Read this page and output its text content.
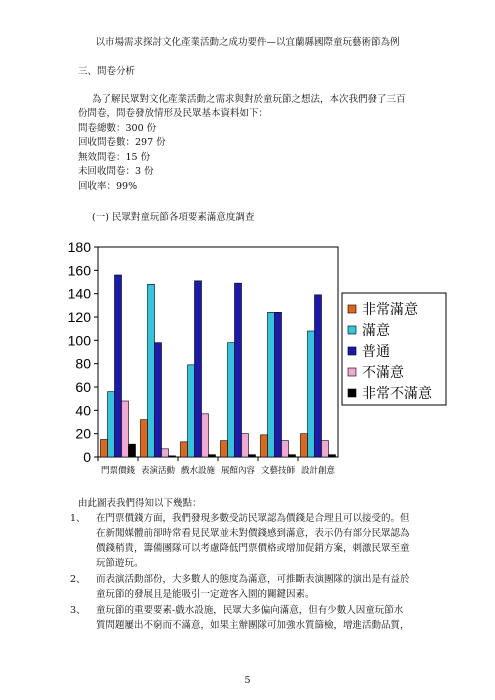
以市場需求探討文化產業活動之成功要件—以宜蘭縣國際童玩藝術節為例
三、問卷分析
為了解民眾對文化產業活動之需求與對於童玩節之想法，本次我們發了三百
份問卷，問卷發放情形及民眾基本資料如下：
問卷總數：300 份
回收問卷數：297 份
無效問卷：15 份
未回收問卷：3 份
回收率：99%
(一) 民眾對童玩節各項要素滿意度調查
0
20
40
60
80
100
120
140
160
180
門票價錢 表演活動 戲水設施 展館內容 文藝技師 設計創意
非常滿意
滿意
普通
不滿意
非常不滿意
由此圖表我們得知以下幾點：
1、 在門票價錢方面，我們發現多數受訪民眾認為價錢是合理且可以接受的。但
在新聞媒體前卻時常看見民眾並未對價錢感到滿意，表示仍有部分民眾認為
價錢稍貴，籌備團隊可以考慮降低門票價格或增加促銷方案，刺激民眾至童
玩節遊玩。
2、 而表演活動部份，大多數人的態度為滿意，可推斷表演團隊的演出是有益於
童玩節的發展且是能吸引一定遊客入園的關鍵因素。
3、 童玩節的重要要素-戲水設施，民眾大多偏向滿意，但有少數人因童玩節水
質問題屢出不窮而不滿意，如果主辦團隊可加強水質篩檢，增進活動品質，
5
